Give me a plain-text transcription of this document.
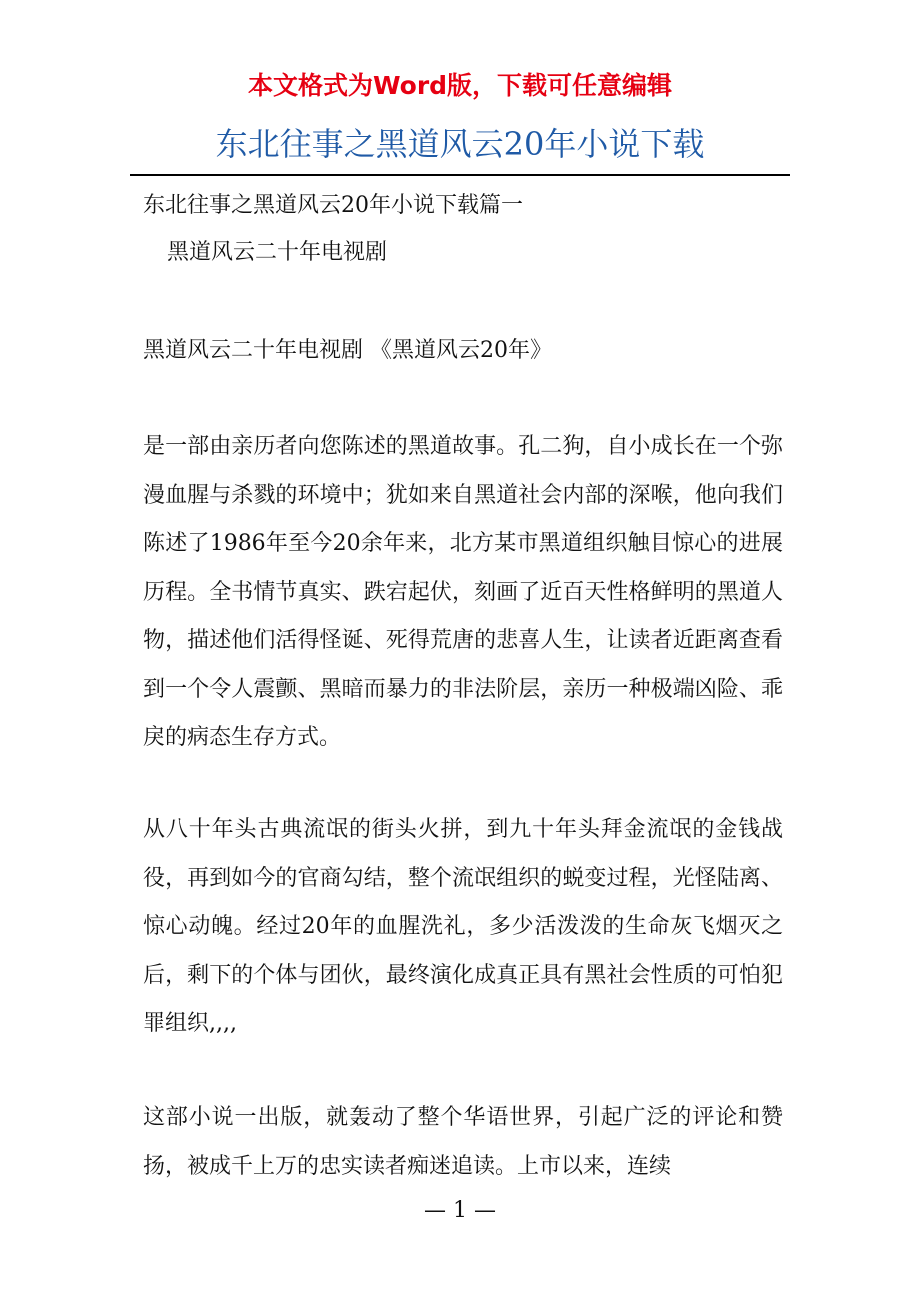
本文格式为Word版，下载可任意编辑
东北往事之黑道风云20年小说下载
东北往事之黑道风云20年小说下载篇一
黑道风云二十年电视剧

黑道风云二十年电视剧 《黑道风云20年》

是一部由亲历者向您陈述的黑道故事。孔二狗，自小成长在一个弥漫血腥与杀戮的环境中；犹如来自黑道社会内部的深喉，他向我们陈述了1986年至今20余年来，北方某市黑道组织触目惊心的进展历程。全书情节真实、跌宕起伏，刻画了近百天性格鲜明的黑道人物，描述他们活得怪诞、死得荒唐的悲喜人生，让读者近距离查看到一个令人震颤、黑暗而暴力的非法阶层，亲历一种极端凶险、乖戾的病态生存方式。

从八十年头古典流氓的街头火拼，到九十年头拜金流氓的金钱战役，再到如今的官商勾结，整个流氓组织的蜕变过程，光怪陆离、惊心动魄。经过20年的血腥洗礼，多少活泼泼的生命灰飞烟灭之后，剩下的个体与团伙，最终演化成真正具有黑社会性质的可怕犯罪组织,,,,

这部小说一出版，就轰动了整个华语世界，引起广泛的评论和赞扬，被成千上万的忠实读者痴迷追读。上市以来，连续

— 1 —
